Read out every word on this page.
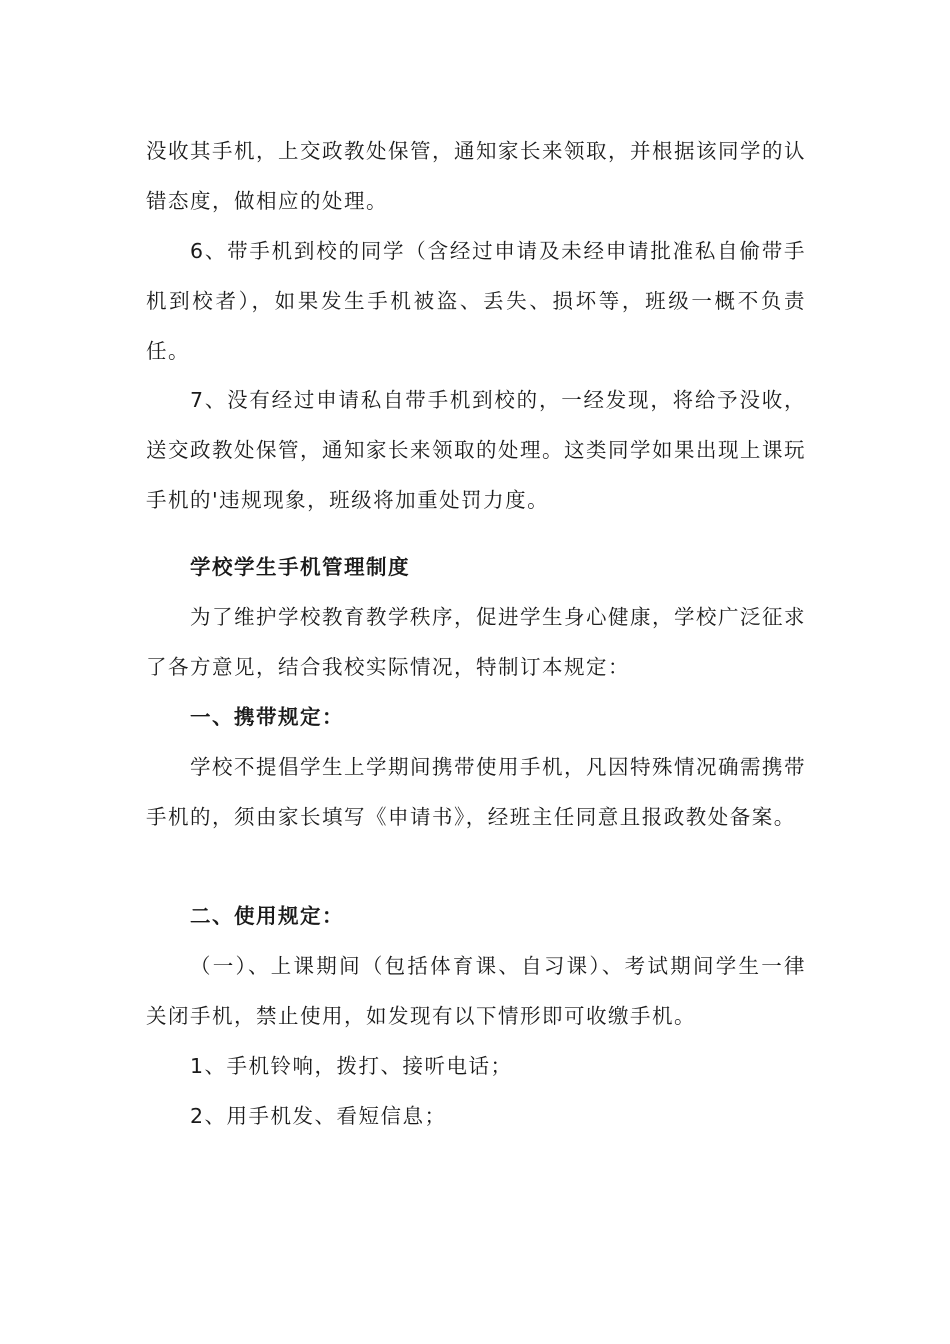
没收其手机，上交政教处保管，通知家长来领取，并根据该同学的认错态度，做相应的处理。

6、带手机到校的同学（含经过申请及未经申请批准私自偷带手机到校者），如果发生手机被盗、丢失、损坏等，班级一概不负责任。

7、没有经过申请私自带手机到校的，一经发现，将给予没收，送交政教处保管，通知家长来领取的处理。这类同学如果出现上课玩手机的'违规现象，班级将加重处罚力度。

学校学生手机管理制度

为了维护学校教育教学秩序，促进学生身心健康，学校广泛征求了各方意见，结合我校实际情况，特制订本规定：

一、携带规定：

学校不提倡学生上学期间携带使用手机，凡因特殊情况确需携带手机的，须由家长填写《申请书》，经班主任同意且报政教处备案。

二、使用规定：

（一）、上课期间（包括体育课、自习课）、考试期间学生一律关闭手机，禁止使用，如发现有以下情形即可收缴手机。

1、手机铃响，拨打、接听电话；

2、用手机发、看短信息；
